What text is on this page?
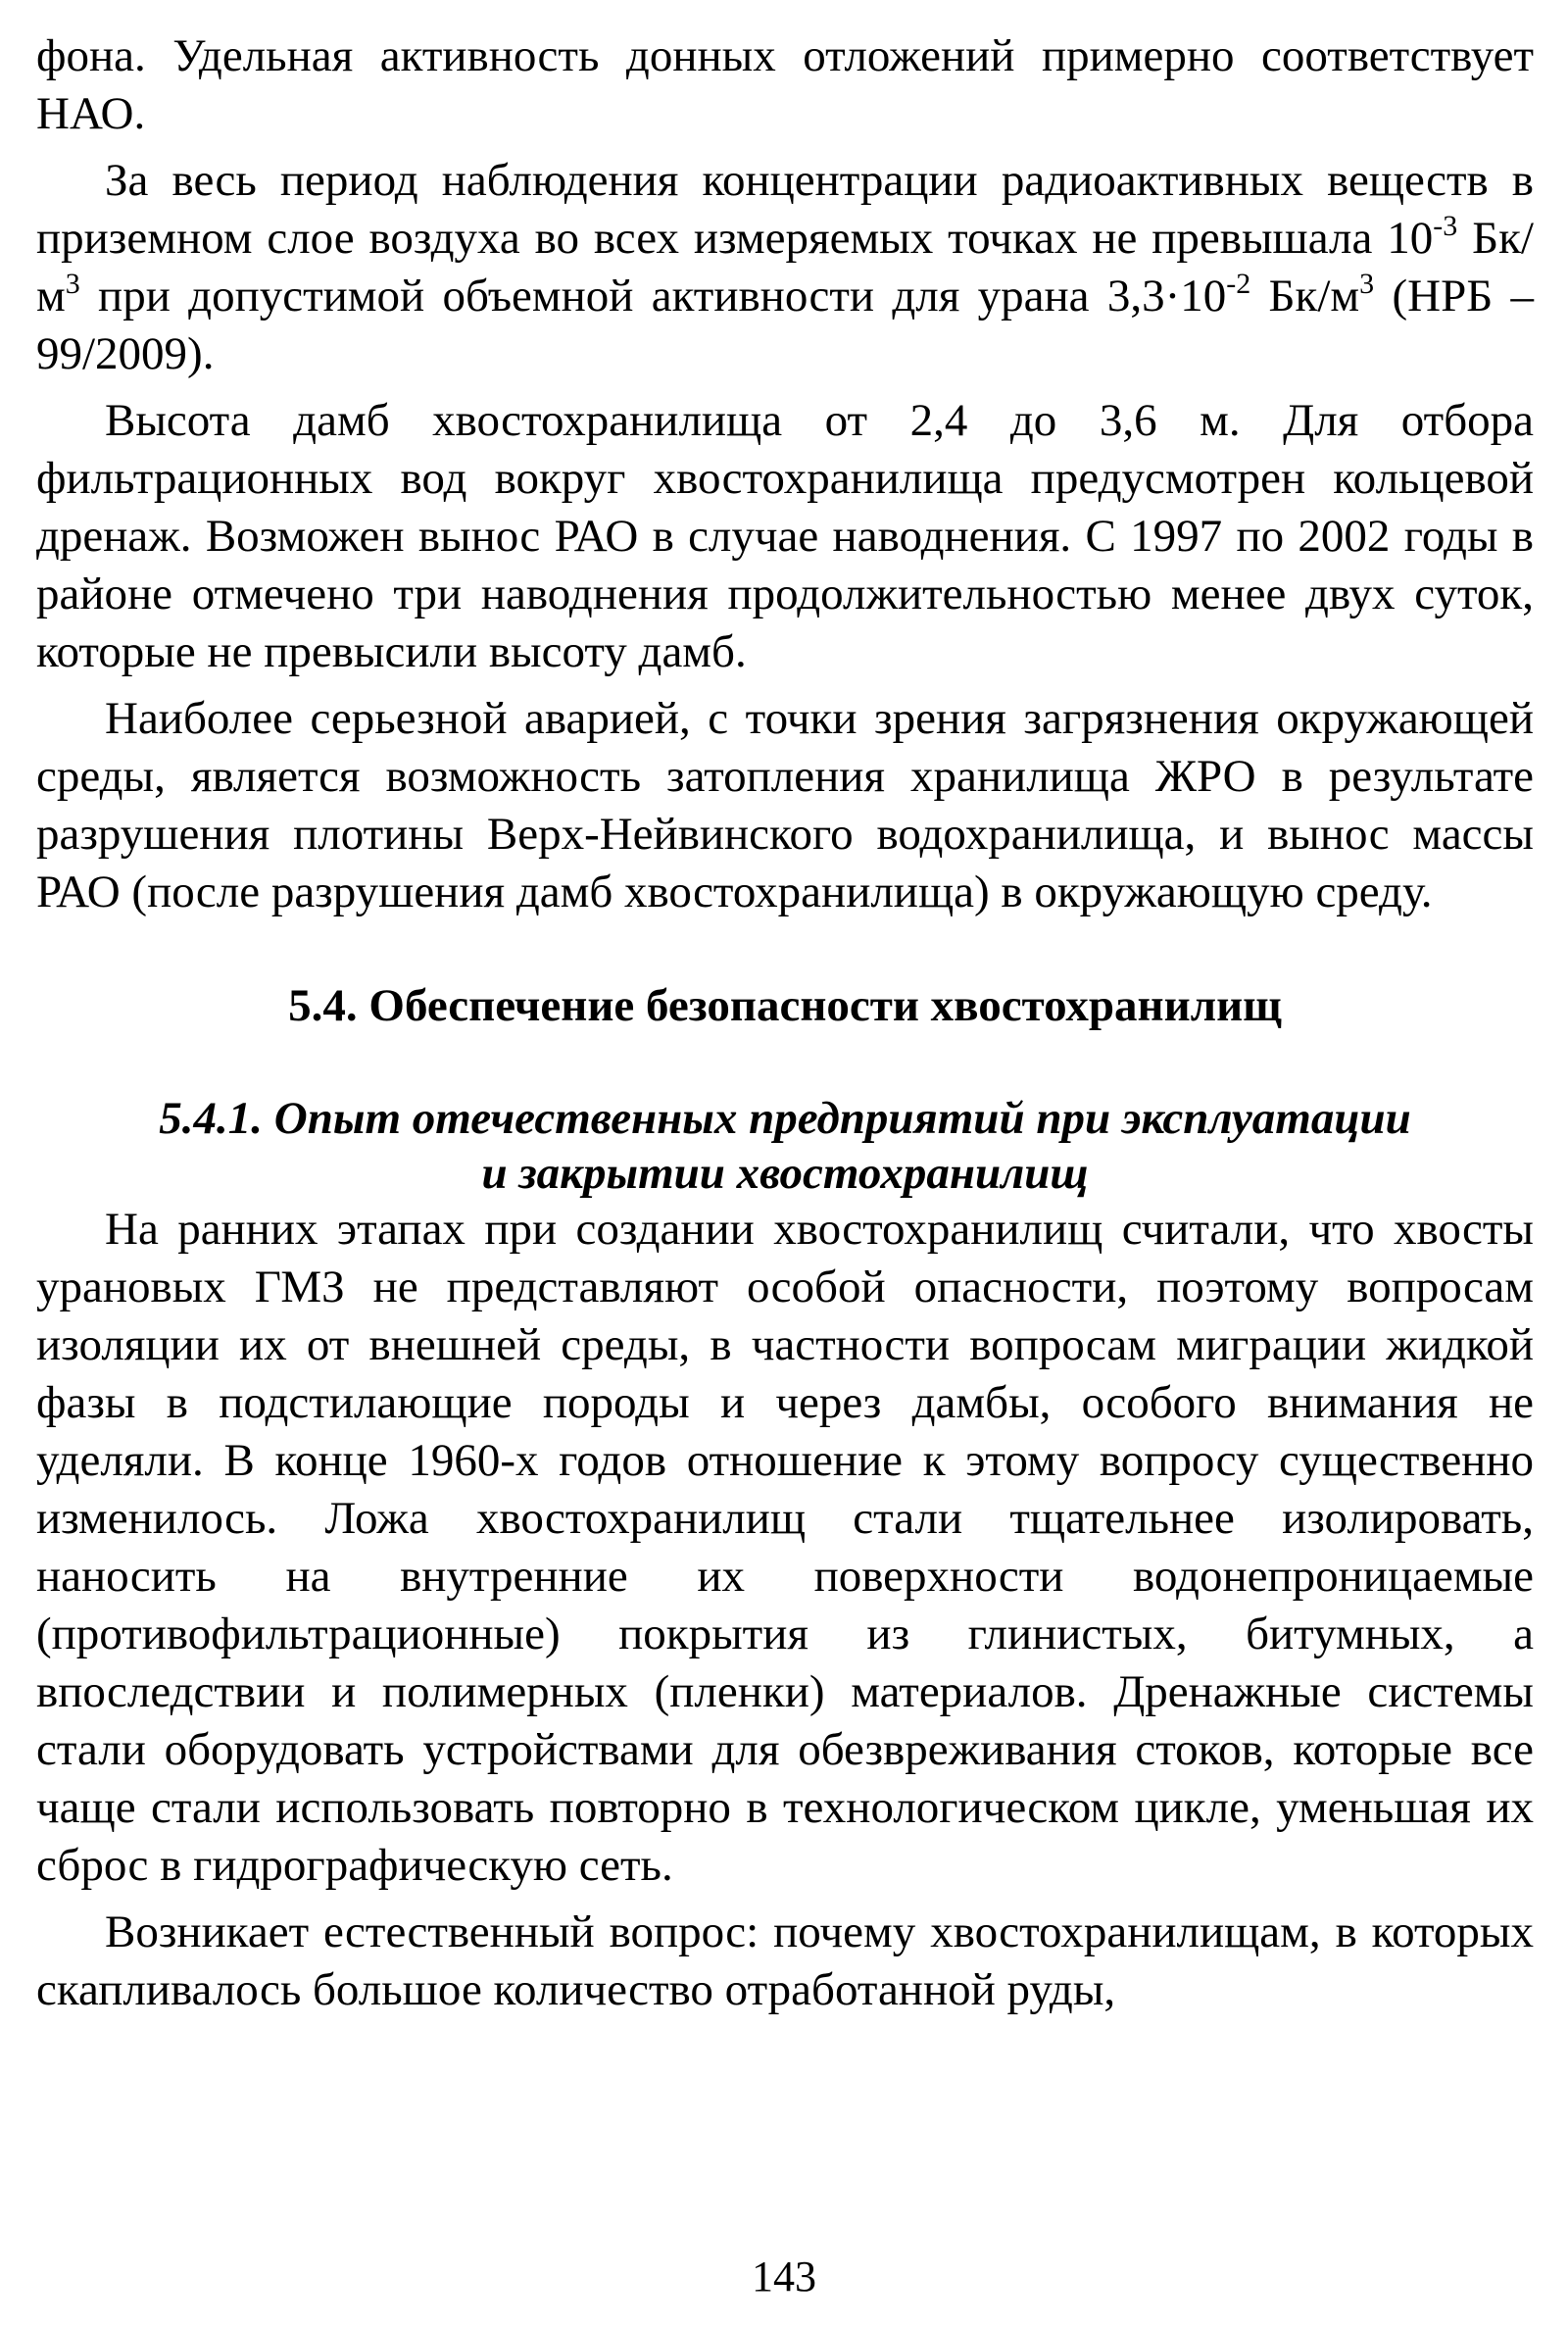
фона. Удельная активность донных отложений примерно соответствует НАО.

За весь период наблюдения концентрации радиоактивных веществ в приземном слое воздуха во всех измеряемых точках не превышала $10^{-3}$ $Бк/м^3$ при допустимой объемной активности для урана $3,3\cdot 10^{-2}$ $Бк/м^3$ (НРБ – 99/2009).

Высота дамб хвостохранилища от 2,4 до 3,6 м. Для отбора фильтрационных вод вокруг хвостохранилища предусмотрен кольцевой дренаж. Возможен вынос РАО в случае наводнения. С 1997 по 2002 годы в районе отмечено три наводнения продолжительностью менее двух суток, которые не превысили высоту дамб.

Наиболее серьезной аварией, с точки зрения загрязнения окружающей среды, является возможность затопления хранилища ЖРО в результате разрушения плотины Верх-Нейвинского водохранилища, и вынос массы РАО (после разрушения дамб хвостохранилища) в окружающую среду.

5.4. Обеспечение безопасности хвостохранилищ
5.4.1. Опыт отечественных предприятий при эксплуатации
и закрытии хвостохранилищ

На ранних этапах при создании хвостохранилищ считали, что хвосты урановых ГМЗ не представляют особой опасности, поэтому вопросам изоляции их от внешней среды, в частности вопросам миграции жидкой фазы в подстилающие породы и через дамбы, особого внимания не уделяли. В конце 1960-х годов отношение к этому вопросу существенно изменилось. Ложа хвостохранилищ стали тщательнее изолировать, наносить на внутренние их поверхности водонепроницаемые (противофильтрационные) покрытия из глинистых, битумных, а впоследствии и полимерных (пленки) материалов. Дренажные системы стали оборудовать устройствами для обезвреживания стоков, которые все чаще стали использовать повторно в технологическом цикле, уменьшая их сброс в гидрографическую сеть.

Возникает естественный вопрос: почему хвостохранилищам, в которых скапливалось большое количество отработанной руды,

143
